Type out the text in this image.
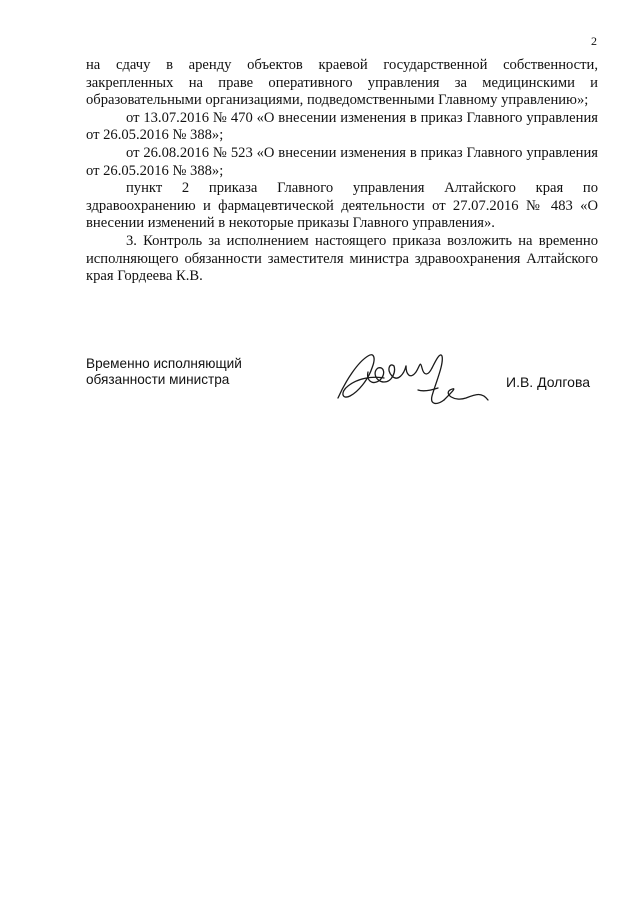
2

на сдачу в аренду объектов краевой государственной собственности, закрепленных на праве оперативного управления за медицинскими и образовательными организациями, подведомственными Главному управлению»;

от 13.07.2016 № 470 «О внесении изменения в приказ Главного управления от 26.05.2016 № 388»;

от 26.08.2016 № 523 «О внесении изменения в приказ Главного управления от 26.05.2016 № 388»;

пункт 2 приказа Главного управления Алтайского края по здравоохранению и фармацевтической деятельности от 27.07.2016 № 483 «О внесении изменений в некоторые приказы Главного управления».

3. Контроль за исполнением настоящего приказа возложить на временно исполняющего обязанности заместителя министра здравоохранения Алтайского края Гордеева К.В.

Временно исполняющий
обязанности министра	И.В. Долгова
